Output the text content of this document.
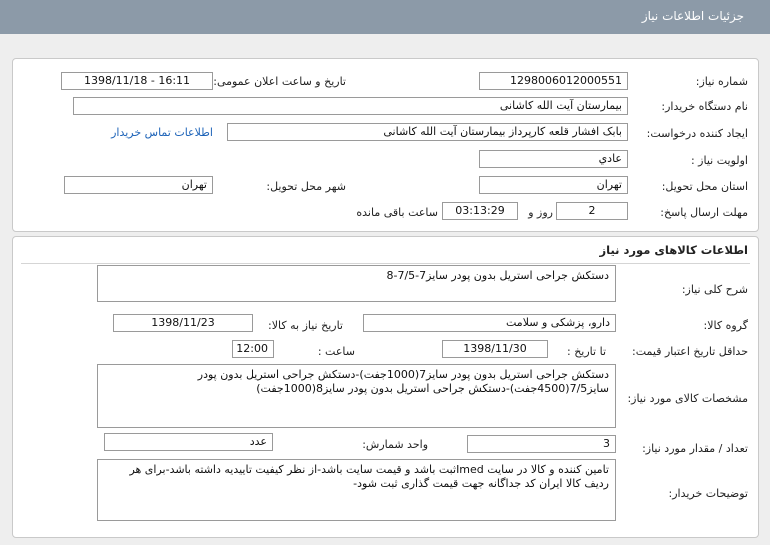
جزئیات اطلاعات نیاز
شماره نیاز:
1298006012000551
تاریخ و ساعت اعلان عمومی:
1398/11/18 - 16:11
نام دستگاه خریدار:
بیمارستان آیت الله کاشانی
ایجاد کننده درخواست:
بابک افشار قلعه کارپرداز بیمارستان آیت الله کاشانی
اطلاعات تماس خریدار
اولویت نیاز :
عادي
استان محل تحویل:
تهران
شهر محل تحویل:
تهران
مهلت ارسال پاسخ:
2
روز و
03:13:29
ساعت باقی مانده
اطلاعات کالاهای مورد نیاز
شرح کلی نیاز:
دستکش جراحی استریل بدون پودر سایز7-7/5-8
گروه کالا:
دارو، پزشکی و سلامت
تاریخ نیاز به کالا:
1398/11/23
حداقل تاریخ اعتبار قیمت:
تا تاریخ :
1398/11/30
ساعت :
12:00
مشخصات کالای مورد نیاز:
دستکش جراحی استریل بدون پودر سایز7(1000جفت)-دستکش جراحی استریل بدون پودر سایز7/5(4500جفت)-دستکش جراحی استریل بدون پودر سایز8(1000جفت)
تعداد / مقدار مورد نیاز:
3
واحد شمارش:
عدد
توضیحات خریدار:
تامین کننده و کالا در سایت Imedثبت باشد و قیمت سایت باشد-از نظر کیفیت تاییدیه داشته باشد-برای هر ردیف کالا ایران کد جداگانه جهت قیمت گذاری ثبت شود-
